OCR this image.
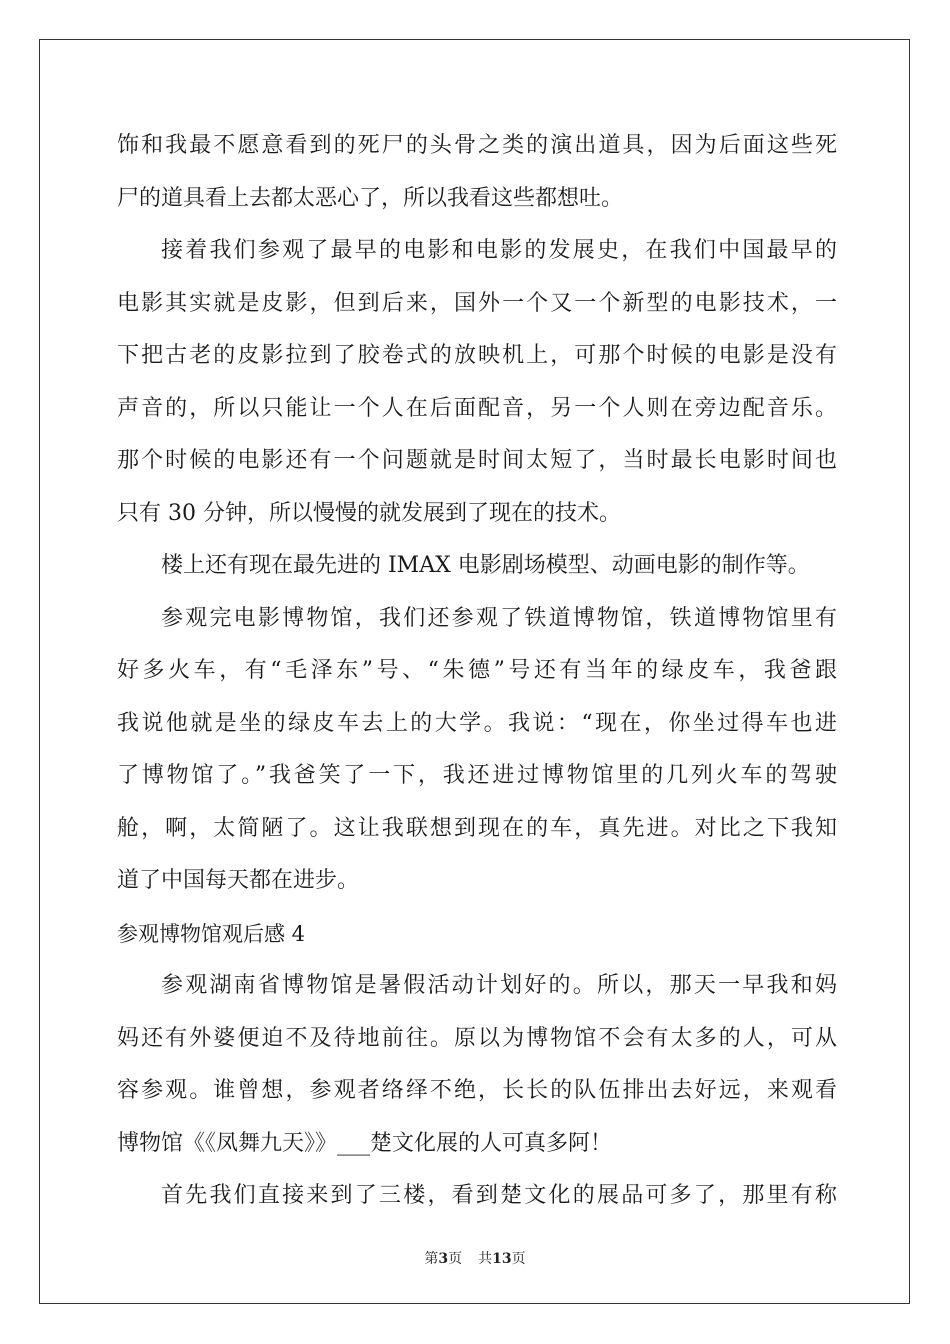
饰和我最不愿意看到的死尸的头骨之类的演出道具，因为后面这些死
尸的道具看上去都太恶心了，所以我看这些都想吐。
接着我们参观了最早的电影和电影的发展史，在我们中国最早的
电影其实就是皮影，但到后来，国外一个又一个新型的电影技术，一
下把古老的皮影拉到了胶卷式的放映机上，可那个时候的电影是没有
声音的，所以只能让一个人在后面配音，另一个人则在旁边配音乐。
那个时候的电影还有一个问题就是时间太短了，当时最长电影时间也
只有 30 分钟，所以慢慢的就发展到了现在的技术。
楼上还有现在最先进的 IMAX 电影剧场模型、动画电影的制作等。
参观完电影博物馆，我们还参观了铁道博物馆，铁道博物馆里有
好多火车，有“毛泽东”号、“朱德”号还有当年的绿皮车，我爸跟
我说他就是坐的绿皮车去上的大学。我说：“现在，你坐过得车也进
了博物馆了。”我爸笑了一下，我还进过博物馆里的几列火车的驾驶
舱，啊，太简陋了。这让我联想到现在的车，真先进。对比之下我知
道了中国每天都在进步。
参观博物馆观后感 4
参观湖南省博物馆是暑假活动计划好的。所以，那天一早我和妈
妈还有外婆便迫不及待地前往。原以为博物馆不会有太多的人，可从
容参观。谁曾想，参观者络绎不绝，长长的队伍排出去好远，来观看
博物馆《《凤舞九天》》___楚文化展的人可真多阿！
首先我们直接来到了三楼，看到楚文化的展品可多了，那里有称
第3页 共13页
